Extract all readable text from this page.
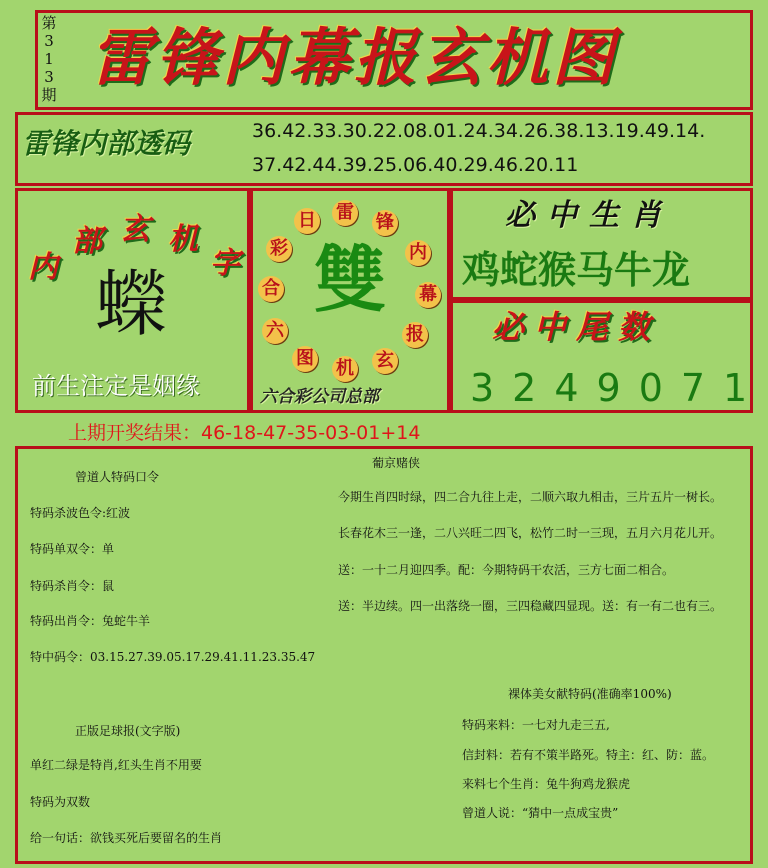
第
3
1
3
期
雷锋内幕报玄机图
雷锋内部透码	36.42.33.30.22.08.01.24.34.26.38.13.19.49.14.
37.42.44.39.25.06.40.29.46.20.11
内
部 玄 机
字
蠑
前生注定是姻缘
雷 锋
内
幕
报
玄
机
图
六
合
彩
日
雙
六合彩公司总部
必中生肖
鸡蛇猴马牛龙
必中尾数
3249071
上期开奖结果：46-18-47-35-03-01+14
曾道人特码口令
特码杀波色令:红波
特码单双令：单
特码杀肖令：鼠
特码出肖令：兔蛇牛羊
特中码令：03.15.27.39.05.17.29.41.11.23.35.47
葡京赌侠
今期生肖四时绿，四二合九往上走，二顺六取九相击，三片五片一树长。
长春花木三一逢，二八兴旺二四飞，松竹二时一三现，五月六月花儿开。
送：一十二月迎四季。配：今期特码干农活，三方七面二相合。
送：半边续。四一出落绕一圈，三四稳藏四显现。送：有一有二也有三。
正版足球报(文字版)
单红二绿是特肖,红头生肖不用要
特码为双数
给一句话：欲钱买死后要留名的生肖
裸体美女献特码(准确率100%)
特码来料：一七对九走三五,
信封料：若有不策半路死。特主：红、防：蓝。
来料七个生肖：兔牛狗鸡龙猴虎
曾道人说：“猜中一点成宝贵”
